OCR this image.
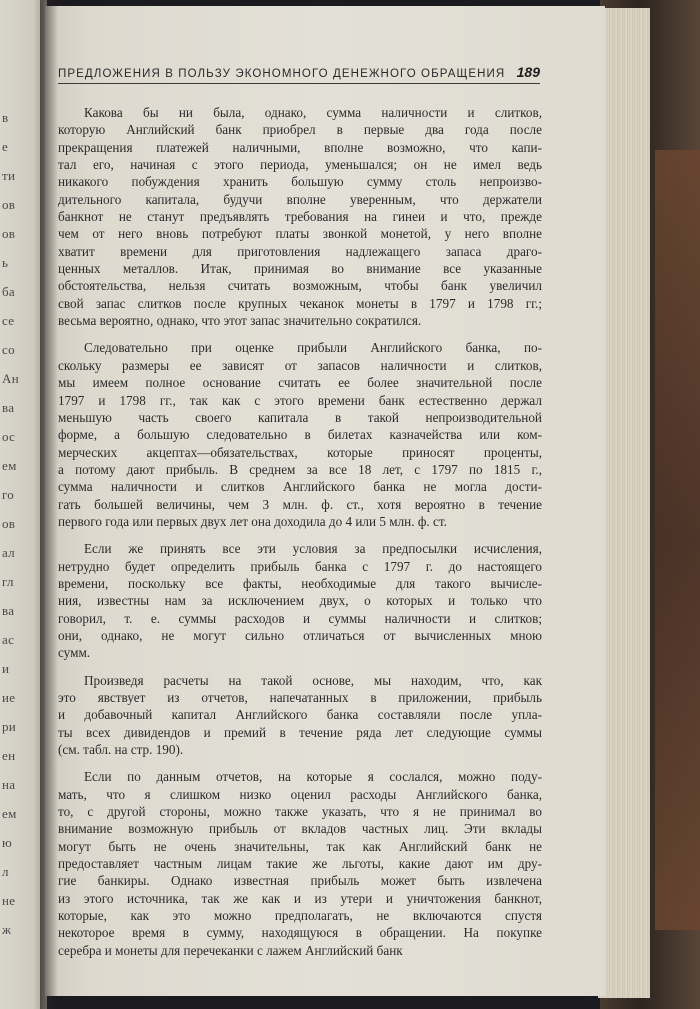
в
е
ти
ов
ов
ь
ба
се
со
Ан
ва
ос
ем
го
ов
ал
гл
ва
ас
и
ие
ри
ен
на
ем
ю
л
не
ж
ПРЕДЛОЖЕНИЯ В ПОЛЬЗУ ЭКОНОМНОГО ДЕНЕЖНОГО ОБРАЩЕНИЯ 189
Какова бы ни была, однако, сумма наличности и слитков,
которую Английский банк приобрел в первые два года после
прекращения платежей наличными, вполне возможно, что капи-
тал его, начиная с этого периода, уменьшался; он не имел ведь
никакого побуждения хранить большую сумму столь непроизво-
дительного капитала, будучи вполне уверенным, что держатели
банкнот не станут предъявлять требования на гинеи и что, прежде
чем от него вновь потребуют платы звонкой монетой, у него вполне
хватит времени для приготовления надлежащего запаса драго-
ценных металлов. Итак, принимая во внимание все указанные
обстоятельства, нельзя считать возможным, чтобы банк увеличил
свой запас слитков после крупных чеканок монеты в 1797 и 1798 гг.;
весьма вероятно, однако, что этот запас значительно сократился.
Следовательно при оценке прибыли Английского банка, по-
скольку размеры ее зависят от запасов наличности и слитков,
мы имеем полное основание считать ее более значительной после
1797 и 1798 гг., так как с этого времени банк естественно держал
меньшую часть своего капитала в такой непроизводительной
форме, а большую следовательно в билетах казначейства или ком-
мерческих акцептах—обязательствах, которые приносят проценты,
а потому дают прибыль. В среднем за все 18 лет, с 1797 по 1815 г.,
сумма наличности и слитков Английского банка не могла дости-
гать большей величины, чем 3 млн. ф. ст., хотя вероятно в течение
первого года или первых двух лет она доходила до 4 или 5 млн. ф. ст.
Если же принять все эти условия за предпосылки исчисления,
нетрудно будет определить прибыль банка с 1797 г. до настоящего
времени, поскольку все факты, необходимые для такого вычисле-
ния, известны нам за исключением двух, о которых и только что
говорил, т. е. суммы расходов и суммы наличности и слитков;
они, однако, не могут сильно отличаться от вычисленных мною
сумм.
Произведя расчеты на такой основе, мы находим, что, как
это явствует из отчетов, напечатанных в приложении, прибыль
и добавочный капитал Английского банка составляли после упла-
ты всех дивидендов и премий в течение ряда лет следующие суммы
(см. табл. на стр. 190).
Если по данным отчетов, на которые я сослался, можно поду-
мать, что я слишком низко оценил расходы Английского банка,
то, с другой стороны, можно также указать, что я не принимал во
внимание возможную прибыль от вкладов частных лиц. Эти вклады
могут быть не очень значительны, так как Английский банк не
предоставляет частным лицам такие же льготы, какие дают им дру-
гие банкиры. Однако известная прибыль может быть извлечена
из этого источника, так же как и из утери и уничтожения банкнот,
которые, как это можно предполагать, не включаются спустя
некоторое время в сумму, находящуюся в обращении. На покупке
серебра и монеты для перечеканки с лажем Английский банк
